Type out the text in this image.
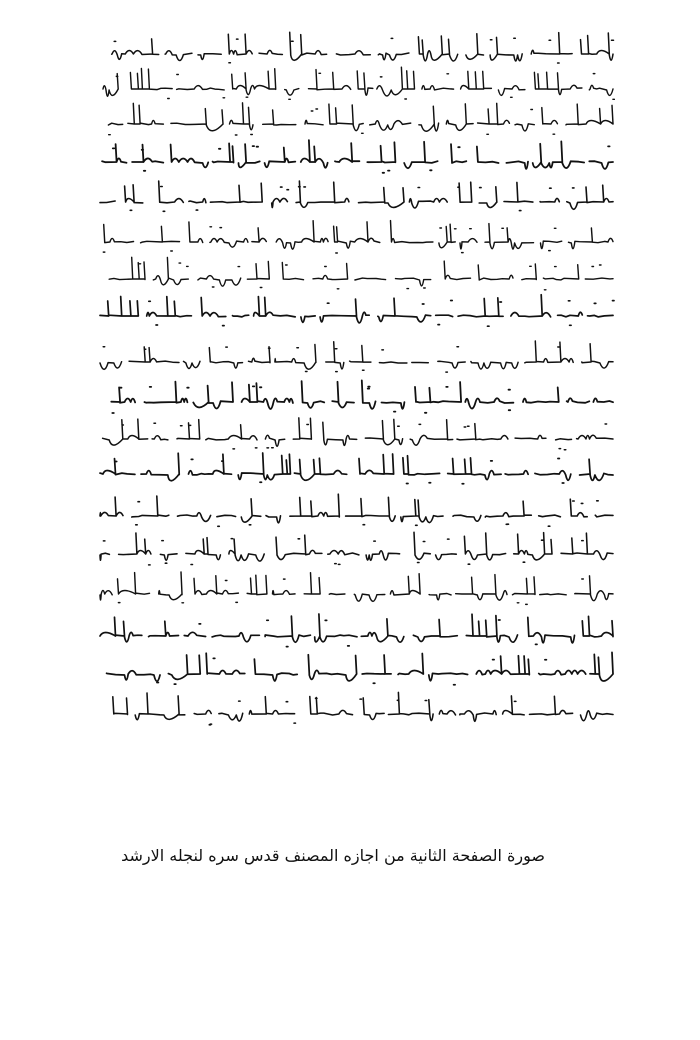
صورة الصفحة الثانية من اجازه المصنف قدس سره لنجله الارشد
